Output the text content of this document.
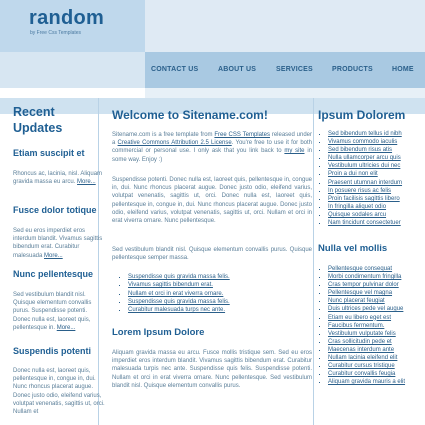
random
by Free Css Templates
CONTACT US	ABOUT US	SERVICES	PRODUCTS	HOME
Recent
Updates
Etiam suscipit et
Rhoncus ac, lacinia, nisl. Aliquam gravida massa eu arcu. More...
Fusce dolor totique
Sed eu eros imperdiet eros interdum blandit. Vivamus sagittis bibendum erat. Curabitur malesuada More...
Nunc pellentesque
Sed vestibulum blandit nisl. Quisque elementum convallis purus. Suspendisse potenti. Donec nulla est, laoreet quis, pellentesque in. More...
Suspendis potenti
Donec nulla est, laoreet quis, pellentesque in, congue in, dui. Nunc rhoncus placerat augue. Donec justo odio, eleifend varius, volutpat venenatis, sagittis ut, orci. Nullam et
Welcome to Sitename.com!
Sitename.com is a free template from Free CSS Templates released under a Creative Commons Attribution 2.5 License. You're free to use it for both commercial or personal use. I only ask that you link back to my site in some way. Enjoy :)
Suspendisse potenti. Donec nulla est, laoreet quis, pellentesque in, congue in, dui. Nunc rhoncus placerat augue. Donec justo odio, eleifend varius, volutpat venenatis, sagittis ut, orci. Donec nulla est, laoreet quis, pellentesque in, congue in, dui. Nunc rhoncus placerat augue. Donec justo odio, eleifend varius, volutpat venenatis, sagittis ut, orci. Nullam et orci in erat viverra ornare. Nunc pellentesque.
Sed vestibulum blandit nisl. Quisque elementum convallis purus. Quisque pellentesque semper massa.
▪ Suspendisse quis gravida massa felis.
▪ Vivamus sagittis bibendum erat.
▪ Nullam et orci in erat viverra ornare.
▪ Suspendisse quis gravida massa felis.
▪ Curabitur malesuada turps nec ante.
Lorem Ipsum Dolore
Aliquam gravida massa eu arcu. Fusce mollis tristique sem. Sed eu eros imperdiet eros interdum blandit. Vivamus sagittis bibendum erat. Curabitur malesuada turpis nec ante. Suspendisse quis felis. Suspendisse potenti. Nullam et orci in erat viverra ornare. Nunc pellentesque. Sed vestibulum blandit nisl. Quisque elementum convallis purus.
Ipsum Dolorem
▪ Sed bibendum tellus id nibh
▪ Vivamus commodo iaculis
▪ Sed bibendum risus atis
▪ Nulla ullamcorper arcu quis
▪ Vestibulum ultricies dui nec
▪ Proin a dui non elit
▪ Praesent utumnan interdum
▪ In posuere risus ac felis
▪ Proin facilisis sagittis libero
▪ In fringilla aliquet odio
▪ Quisque sodales arcu
▪ Nam tincidunt consectetuer
Nulla vel mollis
▪ Pellentesque consequat
▪ Morbi condimentum fringilla
▪ Cras tempor pulvinar dolor
▪ Pellentesque vel magna
▪ Nunc placerat feugiat
▪ Duis ultrices pede vel augue
▪ Etiam eu libero eget est
▪ Faucibus fermentum.
▪ Vestibulum vulputate felis
▪ Cras sollicitudin pede et
▪ Maecenas interdum ante
▪ Nullam lacinia eleifend elit
▪ Curabitur cursus tristique
▪ Curabitur convallis feugia
▪ Aliquam gravida mauris a elit
